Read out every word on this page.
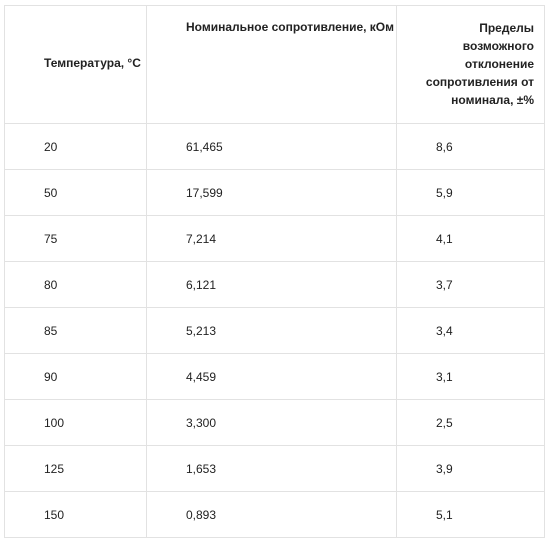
Температура, °С	Номинальное сопротивление, кОм	Пределы возможного отклонение сопротивления от номинала, ±%

20	61,465	8,6
50	17,599	5,9
75	7,214	4,1
80	6,121	3,7
85	5,213	3,4
90	4,459	3,1
100	3,300	2,5
125	1,653	3,9
150	0,893	5,1
